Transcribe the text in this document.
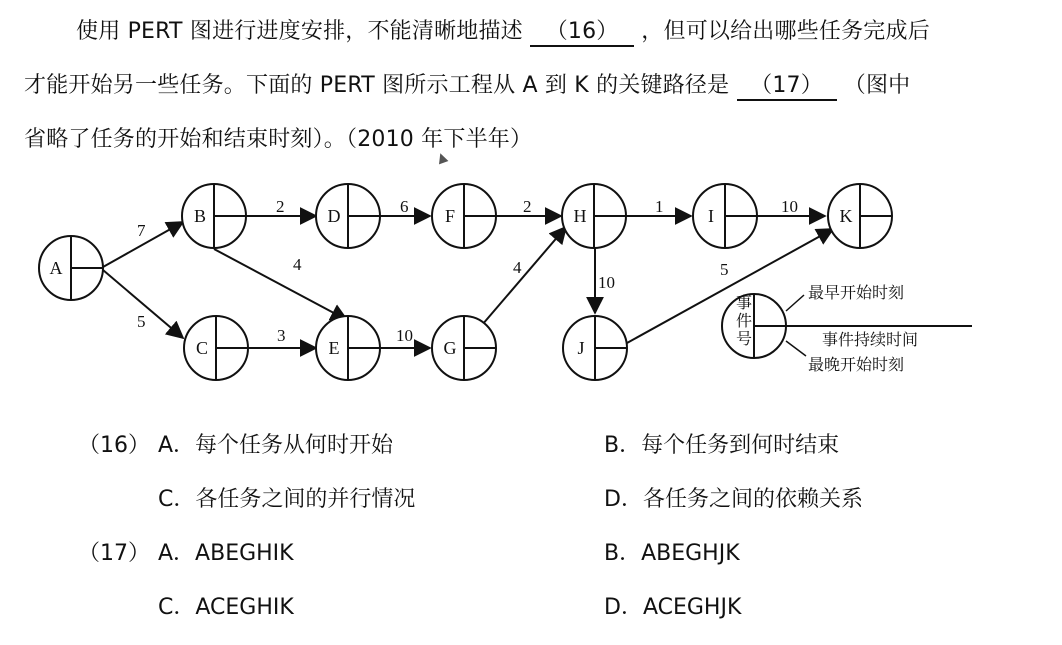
使用 PERT 图进行进度安排，不能清晰地描述 （16） ，但可以给出哪些任务完成后
才能开始另一些任务。下面的 PERT 图所示工程从 A 到 K 的关键路径是 （17） （图中
省略了任务的开始和结束时刻）。（2010 年下半年）
7
5
2
4
6	2
3	10
4
1	10
10
5
A
B
C
D
E
F
G
H	I
J
K
事件号
最早开始时刻
事件持续时间
最晚开始时刻
（16） A．每个任务从何时开始	B．每个任务到何时结束
C．各任务之间的并行情况	D．各任务之间的依赖关系
（17） A．ABEGHIK	B．ABEGHJK
C．ACEGHIK	D．ACEGHJK
